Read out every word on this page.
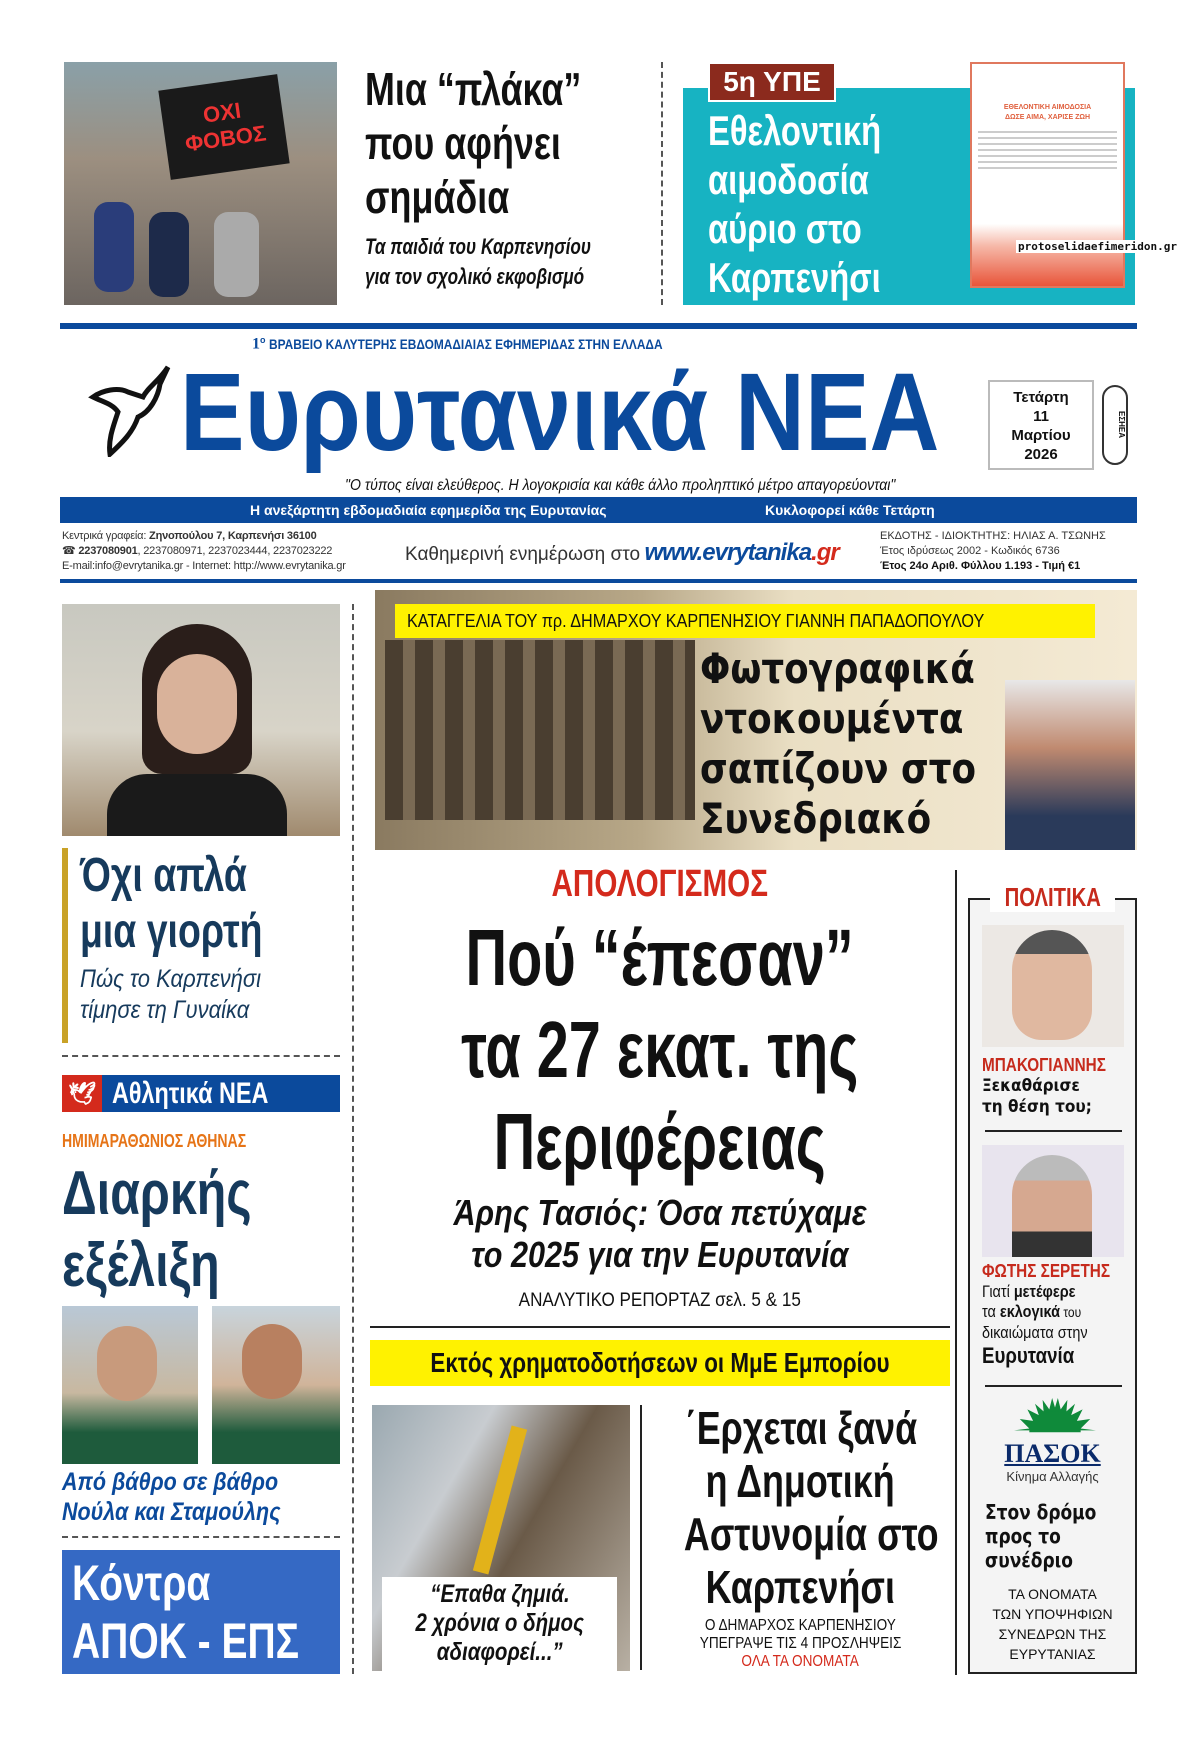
ΟΧΙ ΦΟΒΟΣ
Μια “πλάκα”
που αφήνει
σημάδια
Τα παιδιά του Καρπενησίου
για τον σχολικό εκφοβισμό
5η ΥΠΕ
Εθελοντική
αιμοδοσία
αύριο στο
Καρπενήσι
ΕΘΕΛΟΝΤΙΚΗ ΑΙΜΟΔΟΣΙΑ
ΔΩΣΕ ΑΙΜΑ, ΧΑΡΙΣΕ ΖΩΗ
protoselidaefimeridon.gr
$1^o$ ΒΡΑΒΕΙΟ ΚΑΛΥΤΕΡΗΣ ΕΒΔΟΜΑΔΙΑΙΑΣ ΕΦΗΜΕΡΙΔΑΣ ΣΤΗΝ ΕΛΛΑΔΑ
Ευρυτανικά ΝΕΑ
"Ο τύπος είναι ελεύθερος. Η λογοκρισία και κάθε άλλο προληπτικό μέτρο απαγορεύονται"
Τετάρτη
11
Μαρτίου
2026
ΕΣΗΕΑ
Η ανεξάρτητη εβδομαδιαία εφημερίδα της Ευρυτανίας	Κυκλοφορεί κάθε Τετάρτη
Κεντρικά γραφεία: Ζηνοπούλου 7, Καρπενήσι 36100
☎ 2237080901, 2237080971, 2237023444, 2237023222
E-mail:info@evrytanika.gr - Internet: http://www.evrytanika.gr
Καθημερινή ενημέρωση στο www.evrytanika.gr
ΕΚΔΟΤΗΣ - ΙΔΙΟΚΤΗΤΗΣ: ΗΛΙΑΣ Α. ΤΣΩΝΗΣ
Έτος ιδρύσεως 2002 - Κωδικός 6736
Έτος 24ο Αριθ. Φύλλου 1.193 - Τιμή €1
Όχι απλά
μια γιορτή
Πώς το Καρπενήσι
τίμησε τη Γυναίκα
🕊 Αθλητικά ΝΕΑ
ΗΜΙΜΑΡΑΘΩΝΙΟΣ ΑΘΗΝΑΣ
Διαρκής
εξέλιξη
Από βάθρο σε βάθρο
Νούλα και Σταμούλης
Κόντρα
ΑΠΟΚ - ΕΠΣ
ΚΑΤΑΓΓΕΛΙΑ ΤΟΥ πρ. ΔΗΜΑΡΧΟΥ ΚΑΡΠΕΝΗΣΙΟΥ ΓΙΑΝΝΗ ΠΑΠΑΔΟΠΟΥΛΟΥ
Φωτογραφικά
ντοκουμέντα
σαπίζουν στο
Συνεδριακό
ΑΠΟΛΟΓΙΣΜΟΣ
Πού “έπεσαν”
τα 27 εκατ. της
Περιφέρειας
Άρης Τασιός: Όσα πετύχαμε
το 2025 για την Ευρυτανία
ΑΝΑΛΥΤΙΚΟ ΡΕΠΟΡΤΑΖ σελ. 5 & 15
Εκτός χρηματοδοτήσεων οι ΜμΕ Εμπορίου
“Επαθα ζημιά.
2 χρόνια ο δήμος
αδιαφορεί...”
΄Ερχεται ξανά
η Δημοτική
Αστυνομία στο
Καρπενήσι
Ο ΔΗΜΑΡΧΟΣ ΚΑΡΠΕΝΗΣΙΟΥ
ΥΠΕΓΡΑΨΕ ΤΙΣ 4 ΠΡΟΣΛΗΨΕΙΣ
ΟΛΑ ΤΑ ΟΝΟΜΑΤΑ
ΠΟΛΙΤΙΚΑ
ΜΠΑΚΟΓΙΑΝΝΗΣ
Ξεκαθάρισε
τη θέση του;
ΦΩΤΗΣ ΣΕΡΕΤΗΣ
Γιατί μετέφερε
τα εκλογικά του
δικαιώματα στην
Ευρυτανία
ΠΑΣΟΚ
Κίνημα Αλλαγής
Στον δρόμο
προς το
συνέδριο
ΤΑ ΟΝΟΜΑΤΑ
ΤΩΝ ΥΠΟΨΗΦΙΩΝ
ΣΥΝΕΔΡΩΝ ΤΗΣ
ΕΥΡΥΤΑΝΙΑΣ
